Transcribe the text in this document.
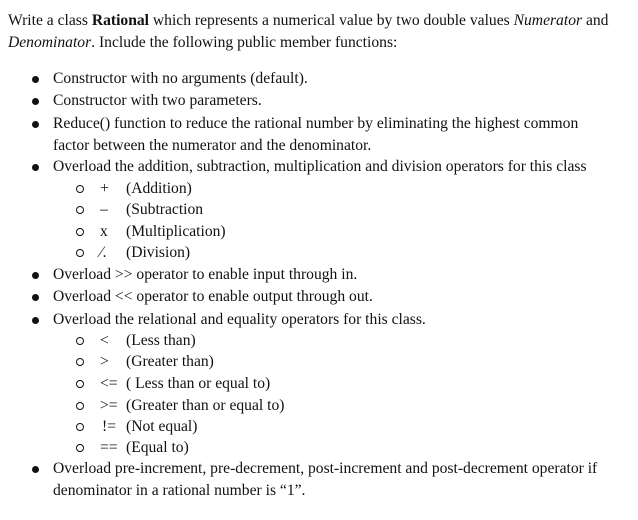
Write a class Rational which represents a numerical value by two double values Numerator and Denominator. Include the following public member functions:
Constructor with no arguments (default).
Constructor with two parameters.
Reduce() function to reduce the rational number by eliminating the highest common
factor between the numerator and the denominator.
Overload the addition, subtraction, multiplication and division operators for this class
+ (Addition)
– (Subtraction
x (Multiplication)
⁄. (Division)
Overload >> operator to enable input through in.
Overload << operator to enable output through out.
Overload the relational and equality operators for this class.
< (Less than)
> (Greater than)
<= ( Less than or equal to)
>= (Greater than or equal to)
!= (Not equal)
== (Equal to)
Overload pre-increment, pre-decrement, post-increment and post-decrement operator if
denominator in a rational number is “1”.
